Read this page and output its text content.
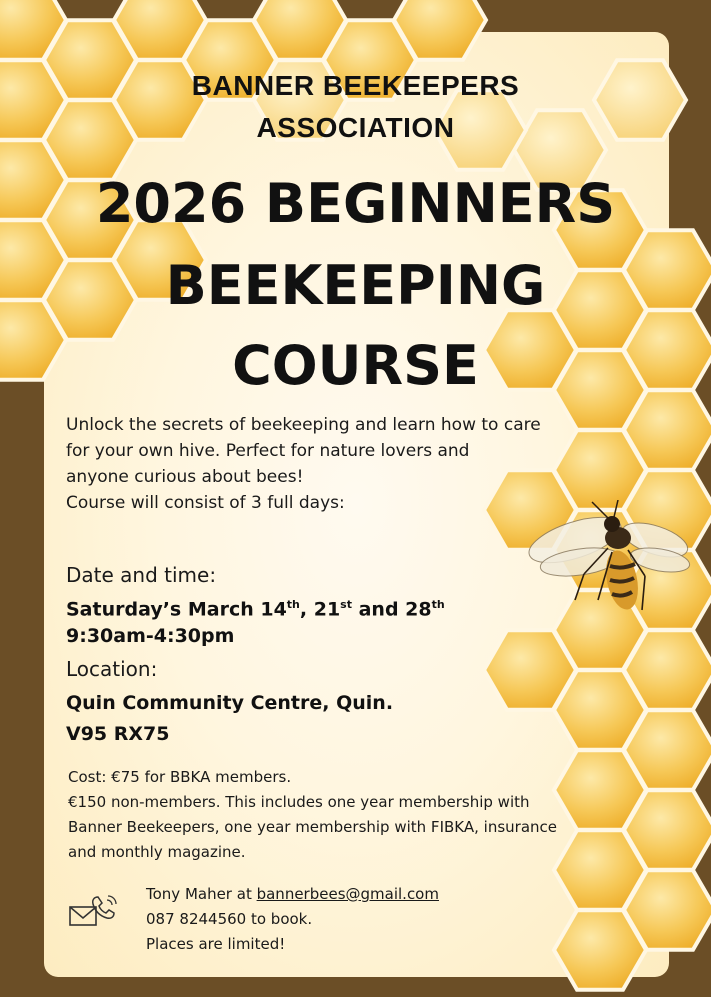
BANNER BEEKEEPERS
ASSOCIATION
2026 BEGINNERS
BEEKEEPING
COURSE
Unlock the secrets of beekeeping and learn how to care
for your own hive. Perfect for nature lovers and
anyone curious about bees!
Course will consist of 3 full days:
Date and time:
Saturday’s March 14th, 21st and 28th
9:30am-4:30pm
Location:
Quin Community Centre, Quin.
V95 RX75
Cost: €75 for BBKA members.
€150 non-members. This includes one year membership with
Banner Beekeepers, one year membership with FIBKA, insurance
and monthly magazine.
Tony Maher at bannerbees@gmail.com
087 8244560 to book.
Places are limited!
